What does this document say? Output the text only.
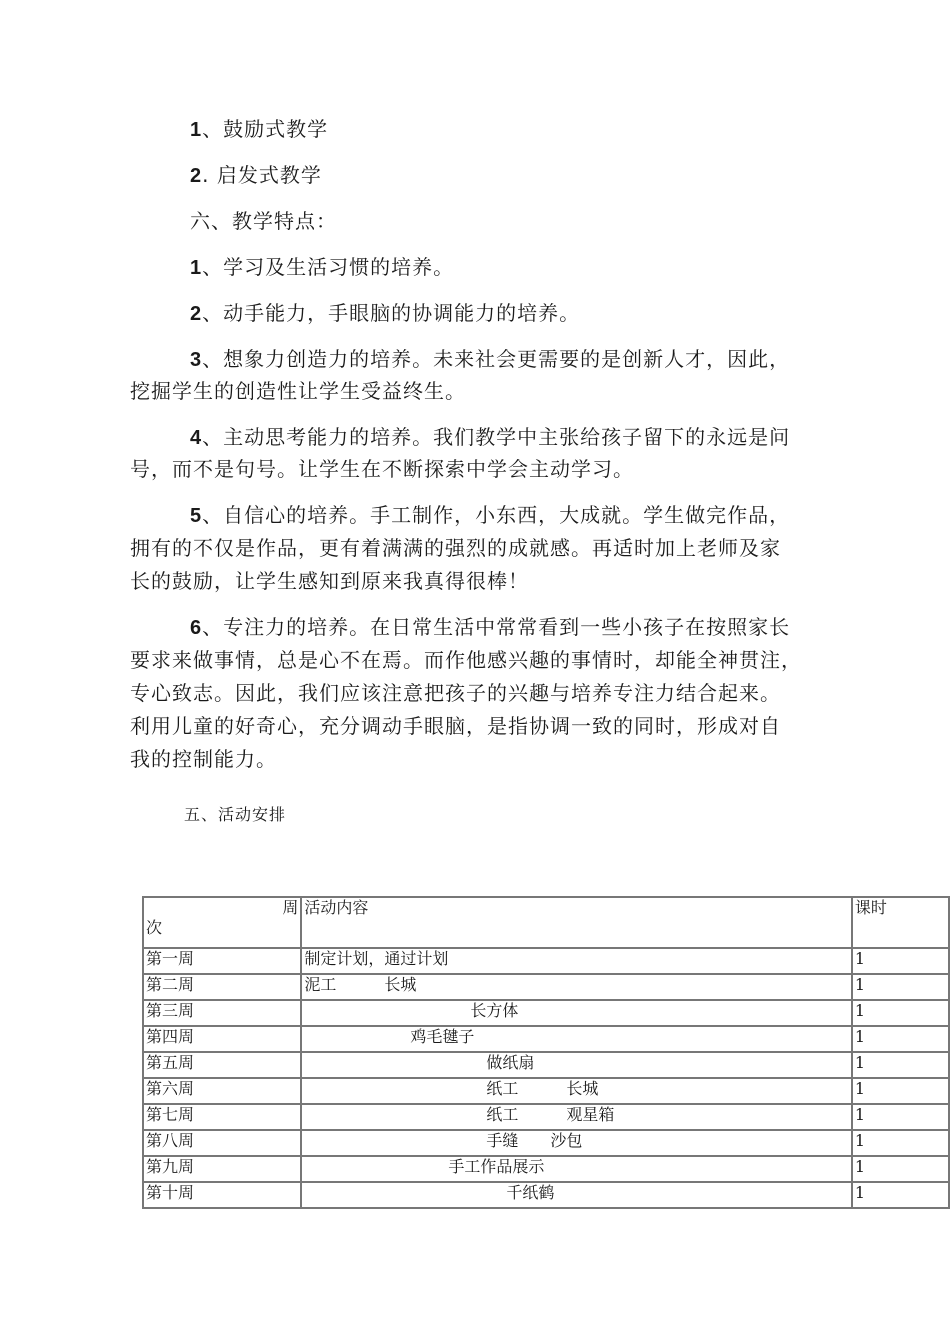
1、鼓励式教学
2. 启发式教学
六、教学特点：
1、学习及生活习惯的培养。
2、动手能力，手眼脑的协调能力的培养。
3、想象力创造力的培养。未来社会更需要的是创新人才，因此，
挖掘学生的创造性让学生受益终生。
4、主动思考能力的培养。我们教学中主张给孩子留下的永远是问
号，而不是句号。让学生在不断探索中学会主动学习。
5、自信心的培养。手工制作，小东西，大成就。学生做完作品，
拥有的不仅是作品，更有着满满的强烈的成就感。再适时加上老师及家
长的鼓励，让学生感知到原来我真得很棒！
6、专注力的培养。在日常生活中常常看到一些小孩子在按照家长
要求来做事情，总是心不在焉。而作他感兴趣的事情时，却能全神贯注，
专心致志。因此，我们应该注意把孩子的兴趣与培养专注力结合起来。
利用儿童的好奇心，充分调动手眼脑，是指协调一致的同时，形成对自
我的控制能力。
五、活动安排
周
次	活动内容	课时
第一周	制定计划，通过计划	1
第二周	泥工　　　长城	1
第三周	长方体	1
第四周	鸡毛毽子	1
第五周	做纸扇	1
第六周	纸工　　　长城	1
第七周	纸工　　　观星箱	1
第八周	手缝　　沙包	1
第九周	手工作品展示	1
第十周	千纸鹤	1
